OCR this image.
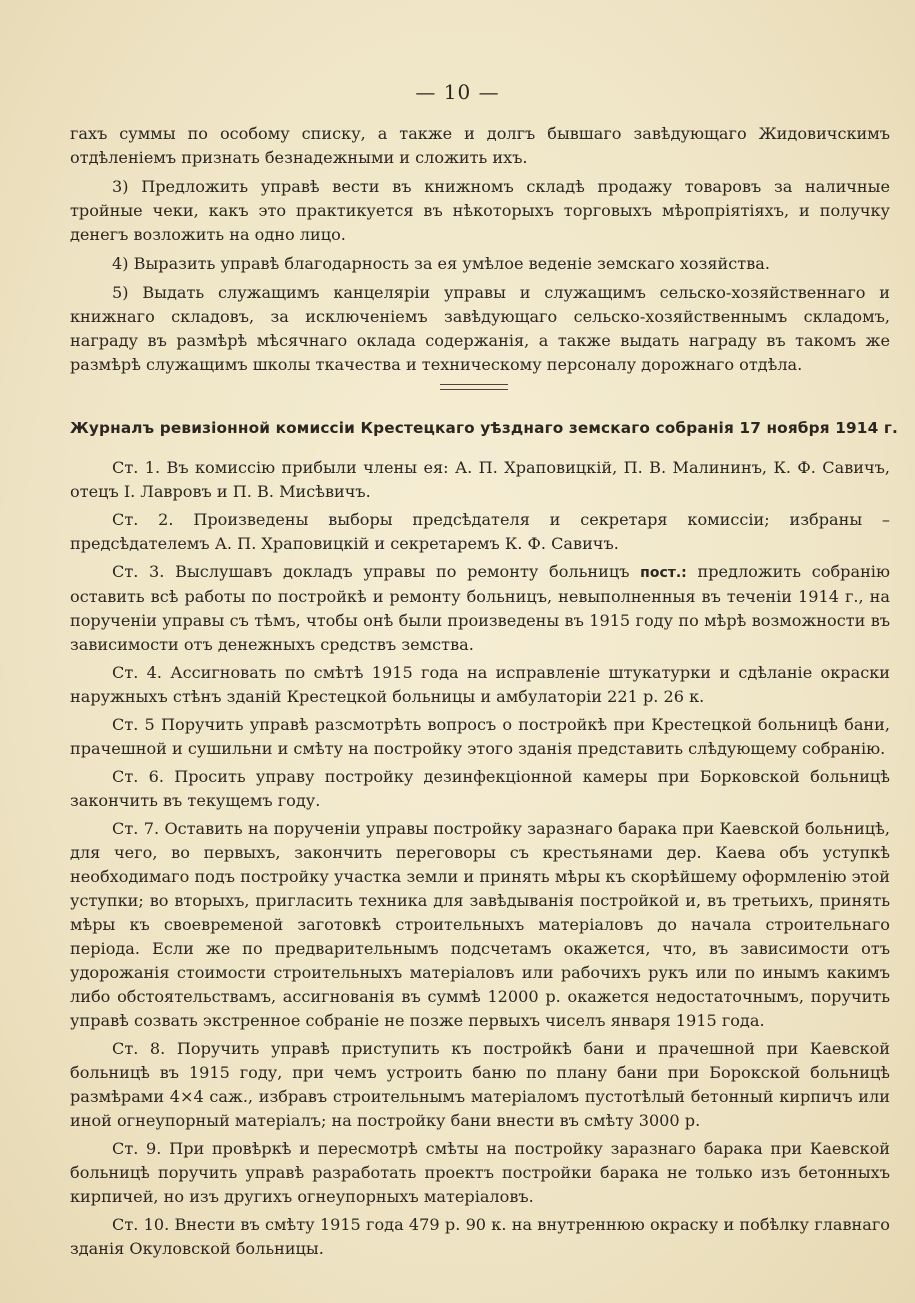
— 10 —

гахъ суммы по особому списку, а также и долгъ бывшаго завѣдующаго Жидовичскимъ отдѣленіемъ признать безнадежными и сложить ихъ.

3) Предложить управѣ вести въ книжномъ складѣ продажу товаровъ за наличные тройные чеки, какъ это практикуется въ нѣкоторыхъ торговыхъ мѣропріятіяхъ, и получку денегъ возложить на одно лицо.

4) Выразить управѣ благодарность за ея умѣлое веденіе земскаго хозяйства.

5) Выдать служащимъ канцеляріи управы и служащимъ сельско-хозяйственнаго и книжнаго складовъ, за исключеніемъ завѣдующаго сельско-хозяйственнымъ складомъ, награду въ размѣрѣ мѣсячнаго оклада содержанія, а также выдать награду въ такомъ же размѣрѣ служащимъ школы ткачества и техническому персоналу дорожнаго отдѣла.

Журналъ ревизіонной комиссіи Крестецкаго уѣзднаго земскаго собранія 17 ноября 1914 г.

Ст. 1. Въ комиссію прибыли члены ея: А. П. Храповицкій, П. В. Малининъ, К. Ф. Савичъ, отецъ І. Лавровъ и П. В. Мисѣвичъ.

Ст. 2. Произведены выборы предсѣдателя и секретаря комиссіи; избраны – предсѣдателемъ А. П. Храповицкій и секретаремъ К. Ф. Савичъ.

Ст. 3. Выслушавъ докладъ управы по ремонту больницъ пост.: предложить собранію оставить всѣ работы по постройкѣ и ремонту больницъ, невыполненныя въ теченіи 1914 г., на порученіи управы съ тѣмъ, чтобы онѣ были произведены въ 1915 году по мѣрѣ возможности въ зависимости отъ денежныхъ средствъ земства.

Ст. 4. Ассигновать по смѣтѣ 1915 года на исправленіе штукатурки и сдѣланіе окраски наружныхъ стѣнъ зданій Крестецкой больницы и амбулаторіи 221 р. 26 к.

Ст. 5 Поручить управѣ разсмотрѣть вопросъ о постройкѣ при Крестецкой больницѣ бани, прачешной и сушильни и смѣту на постройку этого зданія представить слѣдующему собранію.

Ст. 6. Просить управу постройку дезинфекціонной камеры при Борковской больницѣ закончить въ текущемъ году.

Ст. 7. Оставить на порученіи управы постройку заразнаго барака при Каевской больницѣ, для чего, во первыхъ, закончить переговоры съ крестьянами дер. Каева объ уступкѣ необходимаго подъ постройку участка земли и принять мѣры къ скорѣйшему оформленію этой уступки; во вторыхъ, пригласить техника для завѣдыванія постройкой и, въ третьихъ, принять мѣры къ своевременой заготовкѣ строительныхъ матеріаловъ до начала строительнаго періода. Если же по предварительнымъ подсчетамъ окажется, что, въ зависимости отъ удорожанія стоимости строительныхъ матеріаловъ или рабочихъ рукъ или по инымъ какимъ либо обстоятельствамъ, ассигнованія въ суммѣ 12000 р. окажется недостаточнымъ, поручить управѣ созвать экстренное собраніе не позже первыхъ чиселъ января 1915 года.

Ст. 8. Поручить управѣ приступить къ постройкѣ бани и прачешной при Каевской больницѣ въ 1915 году, при чемъ устроить баню по плану бани при Борокской больницѣ размѣрами 4×4 саж., избравъ строительнымъ матеріаломъ пустотѣлый бетонный кирпичъ или иной огнеупорный матеріалъ; на постройку бани внести въ смѣту 3000 р.

Ст. 9. При провѣркѣ и пересмотрѣ смѣты на постройку заразнаго барака при Каевской больницѣ поручить управѣ разработать проектъ постройки барака не только изъ бетонныхъ кирпичей, но изъ другихъ огнеупорныхъ матеріаловъ.

Ст. 10. Внести въ смѣту 1915 года 479 р. 90 к. на внутреннюю окраску и побѣлку главнаго зданія Окуловской больницы.
